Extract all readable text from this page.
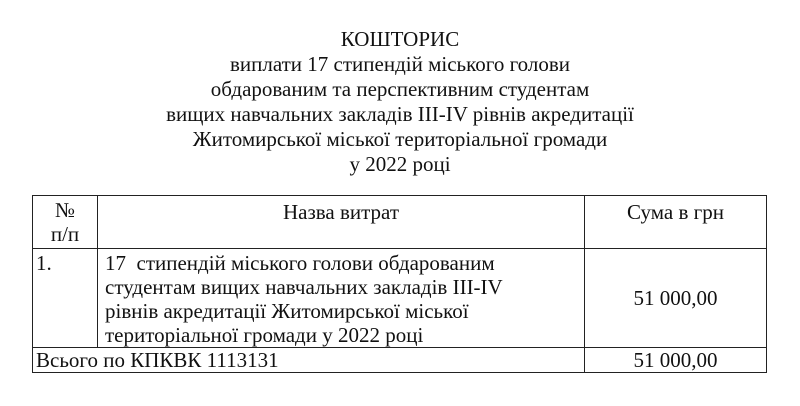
КОШТОРИС
виплати 17 стипендій міського голови
обдарованим та перспективним студентам
вищих навчальних закладів ІІІ-ІV рівнів акредитації
Житомирської міської територіальної громади
у 2022 році
№
п/п	Назва витрат	Сума в грн
1.	17  стипендій міського голови обдарованим
студентам вищих навчальних закладів ІІІ-ІV
рівнів акредитації Житомирської міської
територіальної громади у 2022 році	51 000,00
Всього по КПКВК 1113131		51 000,00
